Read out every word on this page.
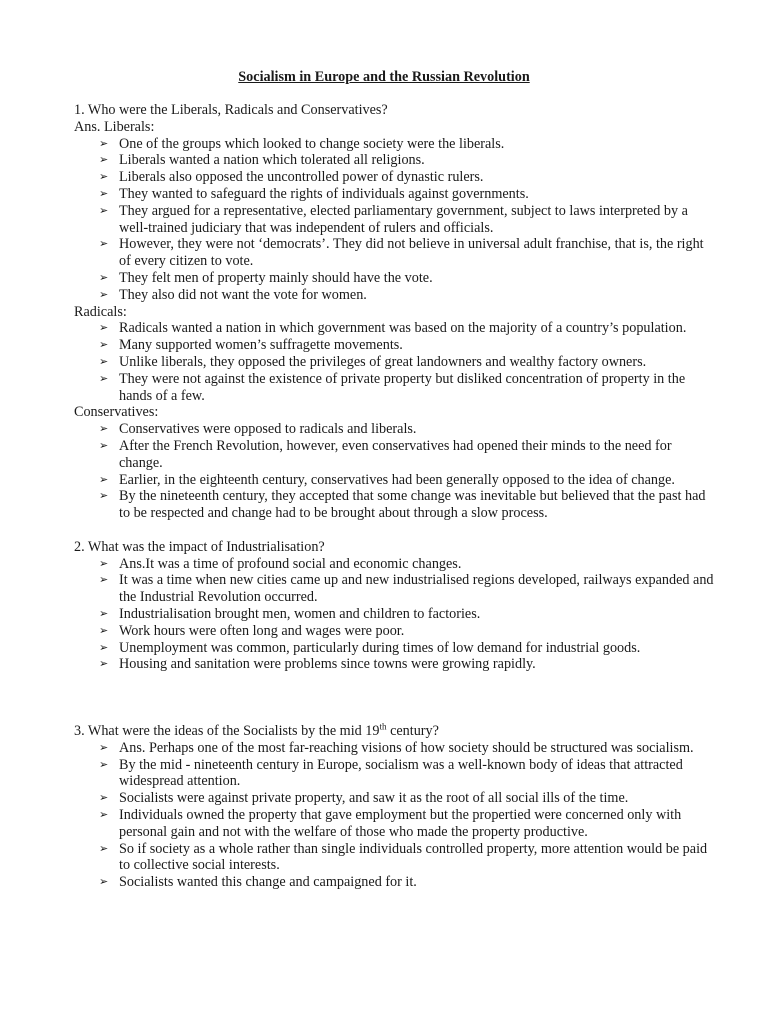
Socialism in Europe and the Russian Revolution
1. Who were the Liberals, Radicals and Conservatives?
Ans. Liberals:
➢ One of the groups which looked to change society were the liberals.
➢ Liberals wanted a nation which tolerated all religions.
➢ Liberals also opposed the uncontrolled power of dynastic rulers.
➢ They wanted to safeguard the rights of individuals against governments.
➢ They argued for a representative, elected parliamentary government, subject to laws interpreted by a well-trained judiciary that was independent of rulers and officials.
➢ However, they were not ‘democrats’. They did not believe in universal adult franchise, that is, the right of every citizen to vote.
➢ They felt men of property mainly should have the vote.
➢ They also did not want the vote for women.
Radicals:
➢ Radicals wanted a nation in which government was based on the majority of a country’s population.
➢ Many supported women’s suffragette movements.
➢ Unlike liberals, they opposed the privileges of great landowners and wealthy factory owners.
➢ They were not against the existence of private property but disliked concentration of property in the hands of a few.
Conservatives:
➢ Conservatives were opposed to radicals and liberals.
➢ After the French Revolution, however, even conservatives had opened their minds to the need for change.
➢ Earlier, in the eighteenth century, conservatives had been generally opposed to the idea of change.
➢ By the nineteenth century, they accepted that some change was inevitable but believed that the past had to be respected and change had to be brought about through a slow process.
2. What was the impact of Industrialisation?
➢ Ans.It was a time of profound social and economic changes.
➢ It was a time when new cities came up and new industrialised regions developed, railways expanded and the Industrial Revolution occurred.
➢ Industrialisation brought men, women and children to factories.
➢ Work hours were often long and wages were poor.
➢ Unemployment was common, particularly during times of low demand for industrial goods.
➢ Housing and sanitation were problems since towns were growing rapidly.
3. What were the ideas of the Socialists by the mid 19th century?
➢ Ans. Perhaps one of the most far-reaching visions of how society should be structured was socialism.
➢ By the mid - nineteenth century in Europe, socialism was a well-known body of ideas that attracted widespread attention.
➢ Socialists were against private property, and saw it as the root of all social ills of the time.
➢ Individuals owned the property that gave employment but the propertied were concerned only with personal gain and not with the welfare of those who made the property productive.
➢ So if society as a whole rather than single individuals controlled property, more attention would be paid to collective social interests.
➢ Socialists wanted this change and campaigned for it.
